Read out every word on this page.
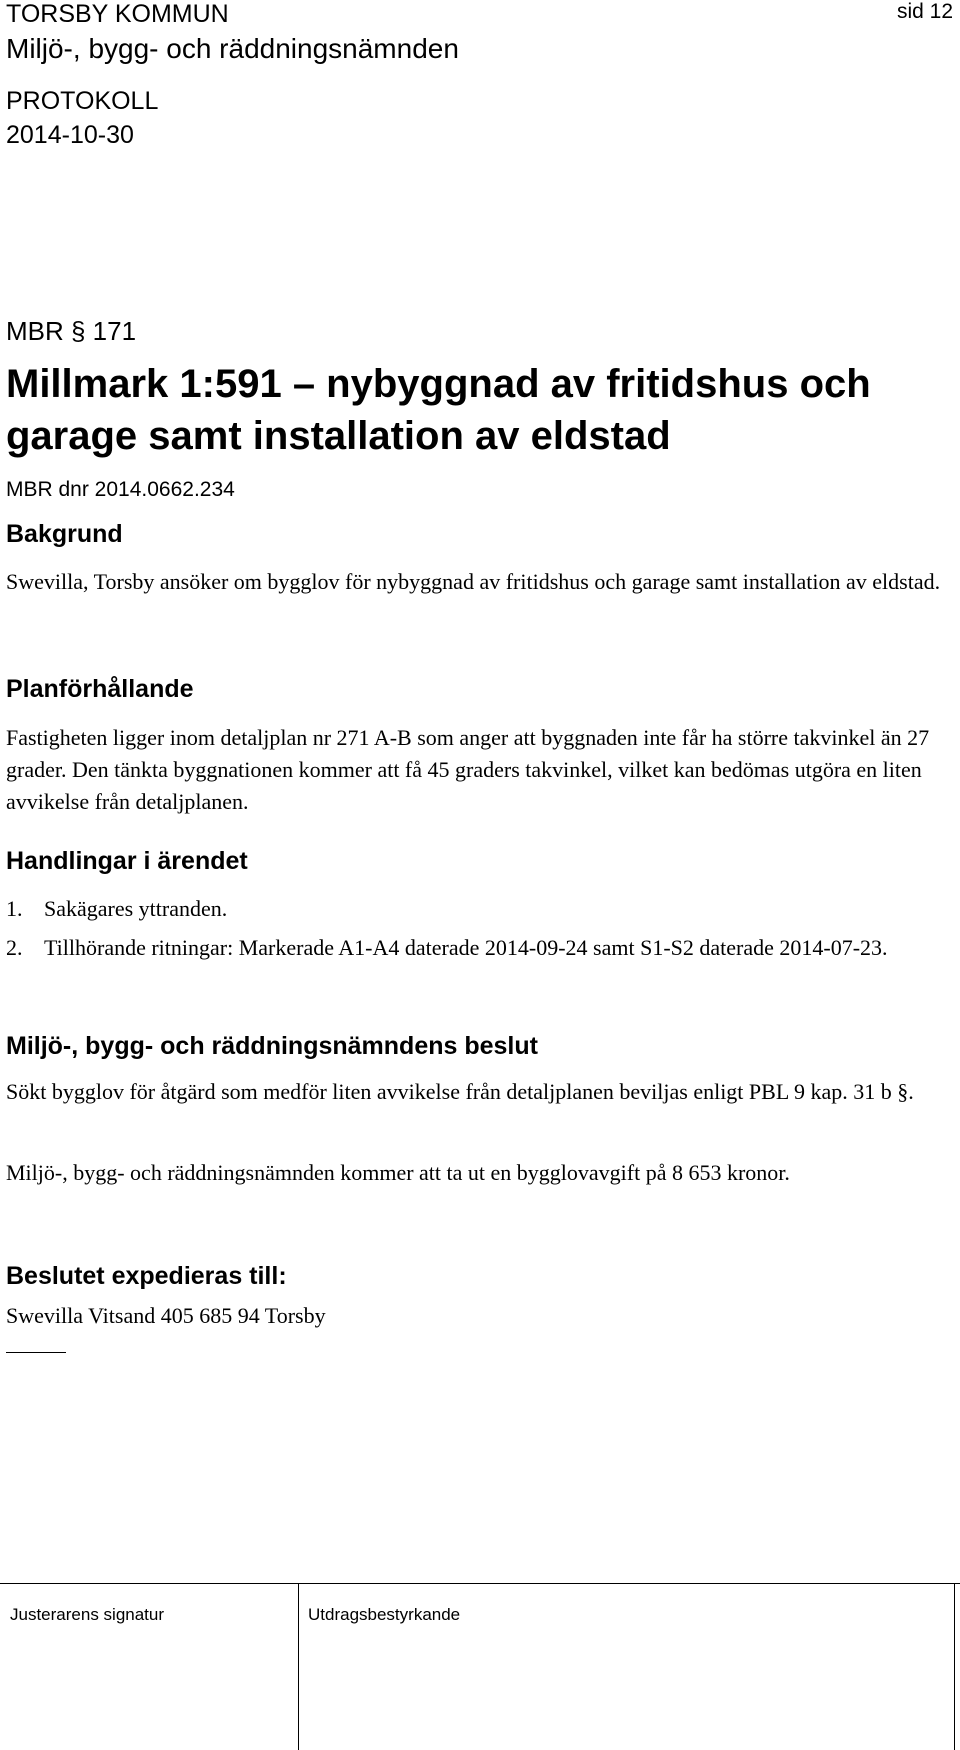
TORSBY KOMMUN	sid 12
Miljö-, bygg- och räddningsnämnden
PROTOKOLL
2014-10-30
MBR § 171
Millmark 1:591 – nybyggnad av fritidshus och garage samt installation av eldstad
MBR dnr 2014.0662.234
Bakgrund
Swevilla, Torsby ansöker om bygglov för nybyggnad av fritidshus och garage samt installation av eldstad.
Planförhållande
Fastigheten ligger inom detaljplan nr 271 A-B som anger att byggnaden inte får ha större takvinkel än 27 grader. Den tänkta byggnationen kommer att få 45 graders takvinkel, vilket kan bedömas utgöra en liten avvikelse från detaljplanen.
Handlingar i ärendet
1. Sakägares yttranden.
2. Tillhörande ritningar: Markerade A1-A4 daterade 2014-09-24 samt S1-S2 daterade 2014-07-23.
Miljö-, bygg- och räddningsnämndens beslut
Sökt bygglov för åtgärd som medför liten avvikelse från detaljplanen beviljas enligt PBL 9 kap. 31 b §.
Miljö-, bygg- och räddningsnämnden kommer att ta ut en bygglovavgift på 8 653 kronor.
Beslutet expedieras till:
Swevilla Vitsand 405 685 94 Torsby
Justerarens signatur	Utdragsbestyrkande
